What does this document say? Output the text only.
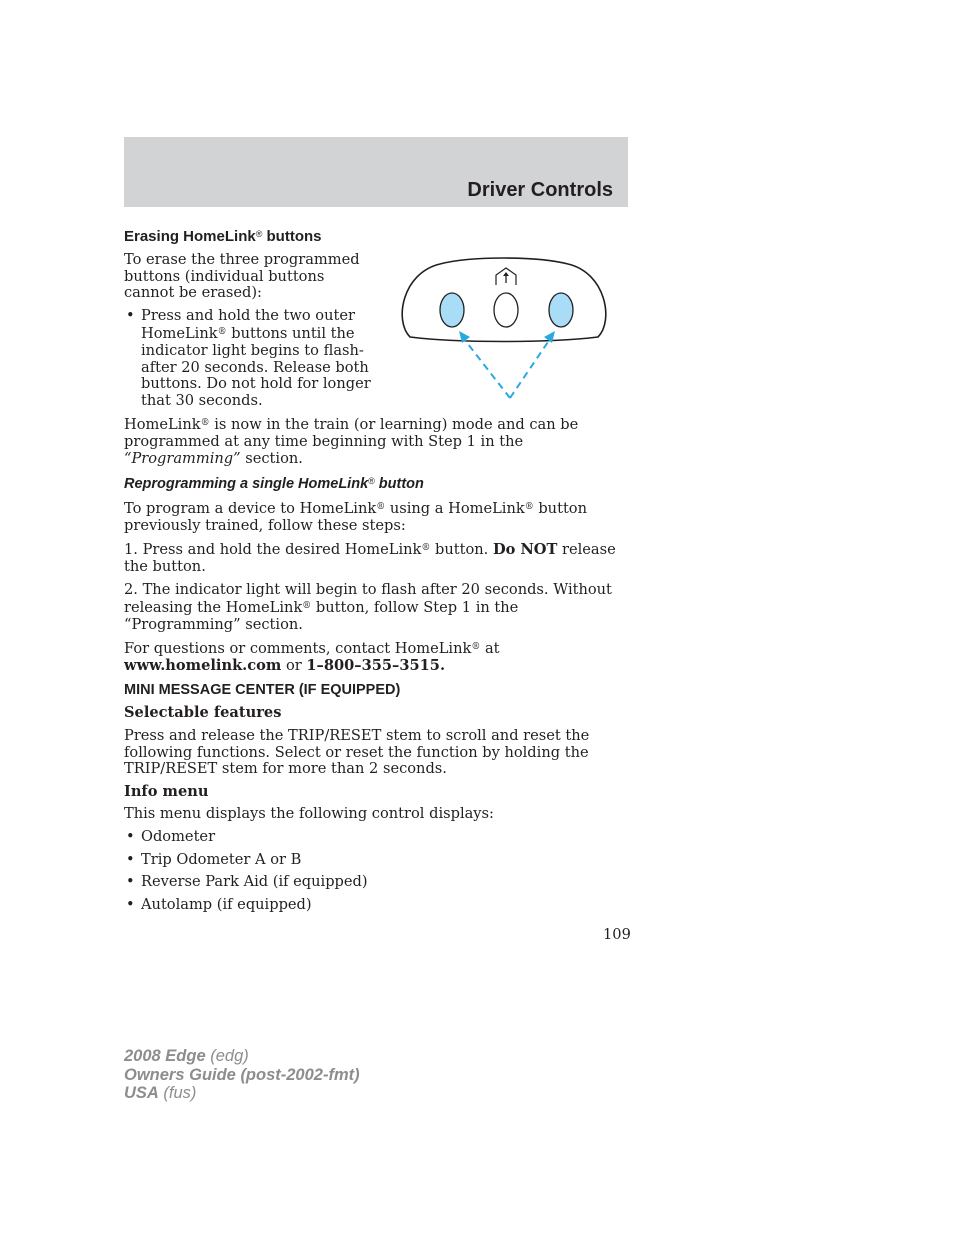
Driver Controls
Erasing HomeLink® buttons

To erase the three programmed buttons (individual buttons cannot be erased):

• Press and hold the two outer HomeLink® buttons until the indicator light begins to flash-after 20 seconds. Release both buttons. Do not hold for longer that 30 seconds.

HomeLink® is now in the train (or learning) mode and can be programmed at any time beginning with Step 1 in the “Programming” section.

Reprogramming a single HomeLink® button

To program a device to HomeLink® using a HomeLink® button previously trained, follow these steps:

1. Press and hold the desired HomeLink® button. Do NOT release the button.

2. The indicator light will begin to flash after 20 seconds. Without releasing the HomeLink® button, follow Step 1 in the “Programming” section.

For questions or comments, contact HomeLink® at www.homelink.com or 1–800–355–3515.

MINI MESSAGE CENTER (IF EQUIPPED)

Selectable features

Press and release the TRIP/RESET stem to scroll and reset the following functions. Select or reset the function by holding the TRIP/RESET stem for more than 2 seconds.

Info menu

This menu displays the following control displays:

• Odometer
• Trip Odometer A or B
• Reverse Park Aid (if equipped)
• Autolamp (if equipped)
109
2008 Edge (edg)
Owners Guide (post-2002-fmt)
USA (fus)
